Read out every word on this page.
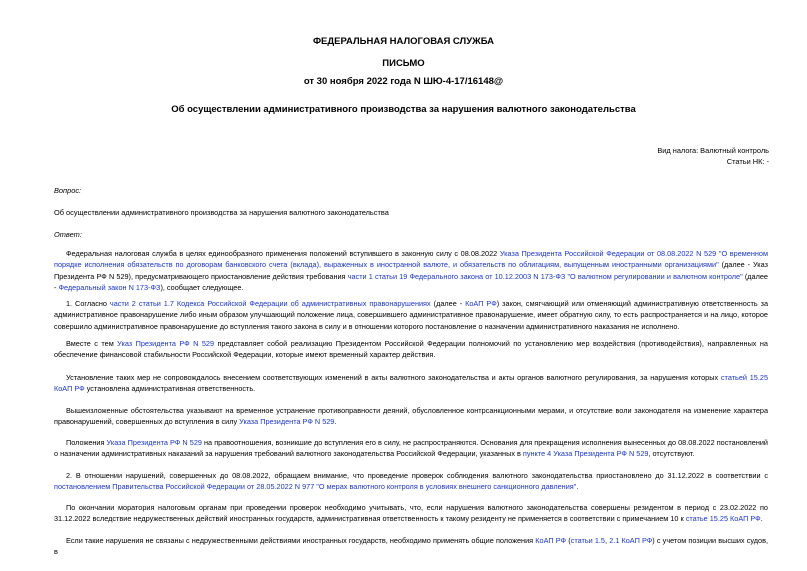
ФЕДЕРАЛЬНАЯ НАЛОГОВАЯ СЛУЖБА
ПИСЬМО
от 30 ноября 2022 года N ШЮ-4-17/16148@
Об осуществлении административного производства за нарушения валютного законодательства
Вид налога: Валютный контроль
Статьи НК: -
Вопрос:
Об осуществлении административного производства за нарушения валютного законодательства
Ответ:

Федеральная налоговая служба в целях единообразного применения положений вступившего в законную силу с 08.08.2022 Указа Президента Российской Федерации от 08.08.2022 N 529 "О временном порядке исполнения обязательств по договорам банковского счета (вклада), выраженных в иностранной валюте, и обязательств по облигациям, выпущенным иностранными организациями" (далее - Указ Президента РФ N 529), предусматривающего приостановление действия требования части 1 статьи 19 Федерального закона от 10.12.2003 N 173-ФЗ "О валютном регулировании и валютном контроле" (далее - Федеральный закон N 173-ФЗ), сообщает следующее.

1. Согласно части 2 статьи 1.7 Кодекса Российской Федерации об административных правонарушениях (далее - КоАП РФ) закон, смягчающий или отменяющий административную ответственность за административное правонарушение либо иным образом улучшающий положение лица, совершившего административное правонарушение, имеет обратную силу, то есть распространяется и на лицо, которое совершило административное правонарушение до вступления такого закона в силу и в отношении которого постановление о назначении административного наказания не исполнено.

Вместе с тем Указ Президента РФ N 529 представляет собой реализацию Президентом Российской Федерации полномочий по установлению мер воздействия (противодействия), направленных на обеспечение финансовой стабильности Российской Федерации, которые имеют временный характер действия.

Установление таких мер не сопровождалось внесением соответствующих изменений в акты валютного законодательства и акты органов валютного регулирования, за нарушения которых статьей 15.25 КоАП РФ установлена административная ответственность.

Вышеизложенные обстоятельства указывают на временное устранение противоправности деяний, обусловленное контрсанкционными мерами, и отсутствие воли законодателя на изменение характера правонарушений, совершенных до вступления в силу Указа Президента РФ N 529.

Положения Указа Президента РФ N 529 на правоотношения, возникшие до вступления его в силу, не распространяются. Основания для прекращения исполнения вынесенных до 08.08.2022 постановлений о назначении административных наказаний за нарушения требований валютного законодательства Российской Федерации, указанных в пункте 4 Указа Президента РФ N 529, отсутствуют.

2. В отношении нарушений, совершенных до 08.08.2022, обращаем внимание, что проведение проверок соблюдения валютного законодательства приостановлено до 31.12.2022 в соответствии с постановлением Правительства Российской Федерации от 28.05.2022 N 977 "О мерах валютного контроля в условиях внешнего санкционного давления".

По окончании моратория налоговым органам при проведении проверок необходимо учитывать, что, если нарушения валютного законодательства совершены резидентом в период с 23.02.2022 по 31.12.2022 вследствие недружественных действий иностранных государств, административная ответственность к такому резиденту не применяется в соответствии с примечанием 10 к статье 15.25 КоАП РФ.

Если такие нарушения не связаны с недружественными действиями иностранных государств, необходимо применять общие положения КоАП РФ (статьи 1.5, 2.1 КоАП РФ) с учетом позиции высших судов, в
